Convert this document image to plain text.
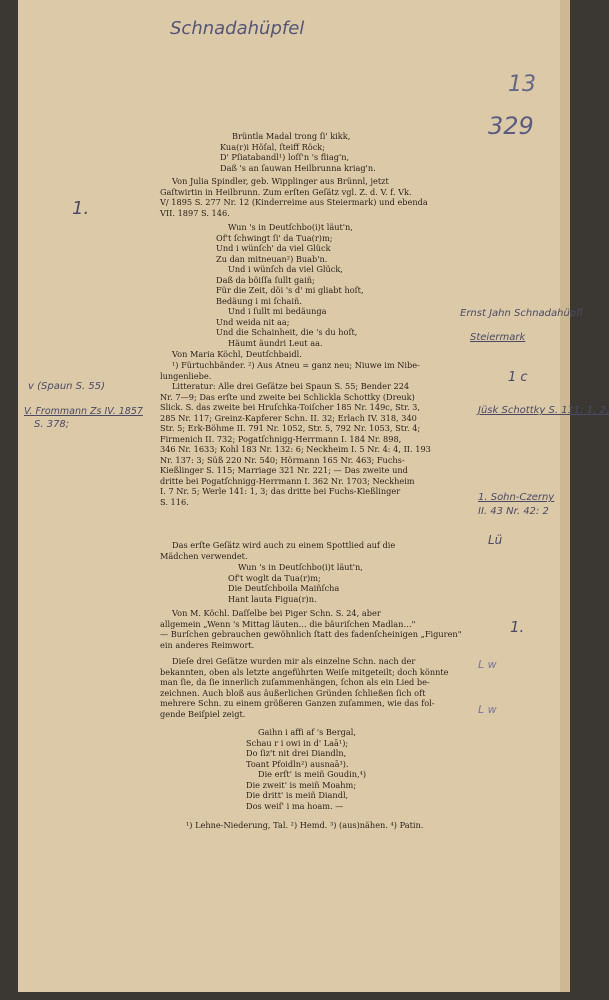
Schnadahüpfel
13
329
1.
v (Spaun S. 55)
V. Frommann Zs IV. 1857
S. 378;
Ernst Jahn Schnadahüpfl
Steiermark
1 c
Jüsk Schottky S. 111: 1, 2,
1. Sohn-Czerny
II. 43 Nr. 42: 2
Lü
1.
L w
L w
Brüntla Madal trong ſi' kikk,
Kua(r)i Höſal, ſteiff Röck;
D' Pſiatabandl¹) loſſ'n 's fliag'n,
Daß 's an ſauwan Heilbrunna kriag'n.
Von Julia Spindler, geb. Wipplinger aus Brünnl, jetzt
Gaſtwirtin in Heilbrunn. Zum erſten Geſätz vgl. Z. d. V. f. Vk.
V/ 1895 S. 277 Nr. 12 (Kinderreime aus Steiermark) und ebenda
VII. 1897 S. 146.
Wun 's in Deutſchbo(i)t läut'n,
Of't ſchwingt ſi' da Tua(r)m;
Und i wünſch' da viel Glück
Zu dan mitneuan²) Buab'n.
Und i wünſch da viel Glück,
Daß da böiſſa ſullt gaiñ;
Für die Zeit, döi 's d' mi gliabt hoſt,
Bedäung i mi ſchaiñ.
Und i ſullt mi bedäunga
Und weida nit aa;
Und die Schainheit, die 's du hoſt,
Häumt äundri Leut aa.
Von Maria Köchl, Deutſchbaidl.
¹) Fürtuchbänder. ²) Aus Atneu = ganz neu; Niuwe im Nibe-
lungenliebe.
Litteratur: Alle drei Geſätze bei Spaun S. 55; Bender 224
Nr. 7—9; Das erſte und zweite bei Schlickla Schottky (Dreuk)
Slick. S. das zweite bei Hruſchka-Toiſcher 185 Nr. 149c, Str. 3,
285 Nr. 117; Greinz-Kapferer Schn. II. 32; Erlach IV. 318, 340
Str. 5; Erk-Böhme II. 791 Nr. 1052, Str. 5, 792 Nr. 1053, Str. 4;
Firmenich II. 732; Pogatſchnigg-Herrmann I. 184 Nr. 898,
346 Nr. 1633; Kohl 183 Nr. 132: 6; Neckheim I. 5 Nr. 4: 4, II. 193
Nr. 137: 3; Süß 220 Nr. 540; Hörmann 165 Nr. 463; Fuchs-
Kießlinger S. 115; Marriage 321 Nr. 221; — Das zweite und
dritte bei Pogatſchnigg-Herrmann I. 362 Nr. 1703; Neckheim
I. 7 Nr. 5; Werle 141: 1, 3; das dritte bei Fuchs-Kießlinger
S. 116.
Das erſte Geſätz wird auch zu einem Spottlied auf die
Mädchen verwendet.
Wun 's in Deutſchbo(i)t läut'n,
Of't woglt da Tua(r)m;
Die Deutſchboila Maiñſcha
Hant lauta Figua(r)n.
Von M. Köchl. Daſſelbe bei Piger Schn. S. 24, aber
allgemein „Wenn 's Mittag läuten… die bäuriſchen Madlan…"
— Burſchen gebrauchen gewöhnlich ſtatt des fadenſcheinigen „Figuren"
ein anderes Reimwort.
Dieſe drei Geſätze wurden mir als einzelne Schn. nach der
bekannten, oben als letzte angeführten Weiſe mitgeteilt; doch könnte
man ſie, da ſie innerlich zuſammenhängen, ſchon als ein Lied be-
zeichnen. Auch bloß aus äußerlichen Gründen ſchließen ſich oft
mehrere Schn. zu einem größeren Ganzen zuſammen, wie das fol-
gende Beiſpiel zeigt.
Gaihn i affi af 's Bergal,
Schau r i owi in d' Laā¹);
Do ſiz't nit drei Diandln,
Toant Pfoidln²) ausnaā³).
Die erſt' is meiñ Goudin,⁴)
Die zweit' is meiñ Moahm;
Die dritt' is meiñ Diandl,
Dos weiſ' i ma hoam. —
¹) Lehne-Niederung, Tal. ²) Hemd. ³) (aus)nähen. ⁴) Patin.
